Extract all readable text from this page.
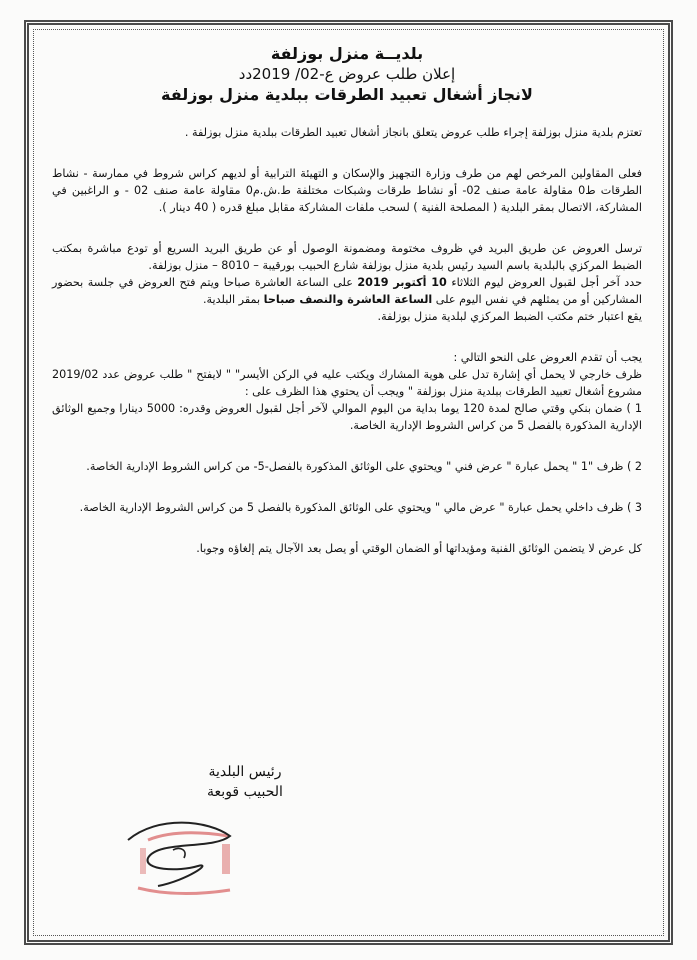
بلديــة منزل بوزلفة
إعلان طلب عروض ع-02/ 2019دد
لانجاز أشغال تعبيد الطرقات ببلدية منزل بوزلفة

تعتزم بلدية منزل بوزلفة إجراء طلب عروض يتعلق بانجاز أشغال تعبيد الطرقات ببلدية منزل بوزلفة .

فعلى المقاولين المرخص لهم من طرف وزارة التجهيز والإسكان و التهيئة الترابية أو لديهم كراس شروط في ممارسة - نشاط الطرقات ط0 مقاولة عامة صنف 02- أو نشاط طرقات وشبكات مختلفة ط.ش.م0 مقاولة عامة صنف 02 - و الراغبين في المشاركة، الاتصال بمقر البلدية ( المصلحة الفنية ) لسحب ملفات المشاركة مقابل مبلغ قدره ( 40 دينار ).

ترسل العروض عن طريق البريد في ظروف مختومة ومضمونة الوصول أو عن طريق البريد السريع أو تودع مباشرة بمكتب الضبط المركزي بالبلدية باسم السيد رئيس بلدية منزل بوزلفة شارع الحبيب بورقيبة – 8010 – منزل بوزلفة.

حدد آخر أجل لقبول العروض ليوم الثلاثاء 10 أكتوبر 2019 على الساعة العاشرة صباحا ويتم فتح العروض في جلسة بحضور المشاركين أو من يمثلهم في نفس اليوم على الساعة العاشرة والنصف صباحا بمقر البلدية.

يقع اعتبار ختم مكتب الضبط المركزي لبلدية منزل بوزلفة.

يجب أن تقدم العروض على النحو التالي :

ظرف خارجي لا يحمل أي إشارة تدل على هوية المشارك ويكتب عليه في الركن الأيسر" " لايفتح " طلب عروض عدد 2019/02 مشروع أشغال تعبيد الطرقات ببلدية منزل بوزلفة " ويجب أن يحتوي هذا الظرف على :

1 ) ضمان بنكي وقتي صالح لمدة 120 يوما بداية من اليوم الموالي لآخر أجل لقبول العروض وقدره: 5000 دينارا وجميع الوثائق الإدارية المذكورة بالفصل 5 من كراس الشروط الإدارية الخاصة.

2 ) ظرف "1 " يحمل عبارة " عرض فني " ويحتوي على الوثائق المذكورة بالفصل-5- من كراس الشروط الإدارية الخاصة.

3 ) ظرف داخلي يحمل عبارة " عرض مالي " ويحتوي على الوثائق المذكورة بالفصل 5 من كراس الشروط الإدارية الخاصة.

كل عرض لا يتضمن الوثائق الفنية ومؤيداتها أو الضمان الوقتي أو يصل بعد الآجال يتم إلغاؤه وجوبا.

رئيس البلدية
الحبيب قوبعة
